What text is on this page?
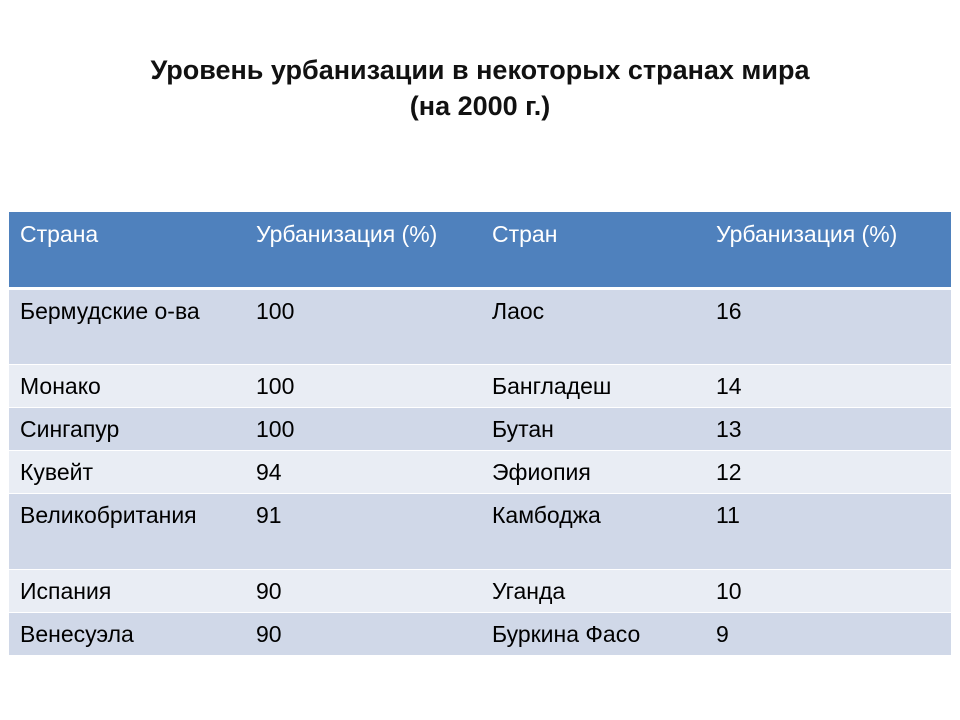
Уровень урбанизации в некоторых странах мира
(на 2000 г.)
Страна	Урбанизация (%)	Стран	Урбанизация (%)
Бермудские о-ва	100	Лаос	16
Монако	100	Бангладеш	14
Сингапур	100	Бутан	13
Кувейт	94	Эфиопия	12
Великобритания	91	Камбоджа	11
Испания	90	Уганда	10
Венесуэла	90	Буркина Фасо	9
